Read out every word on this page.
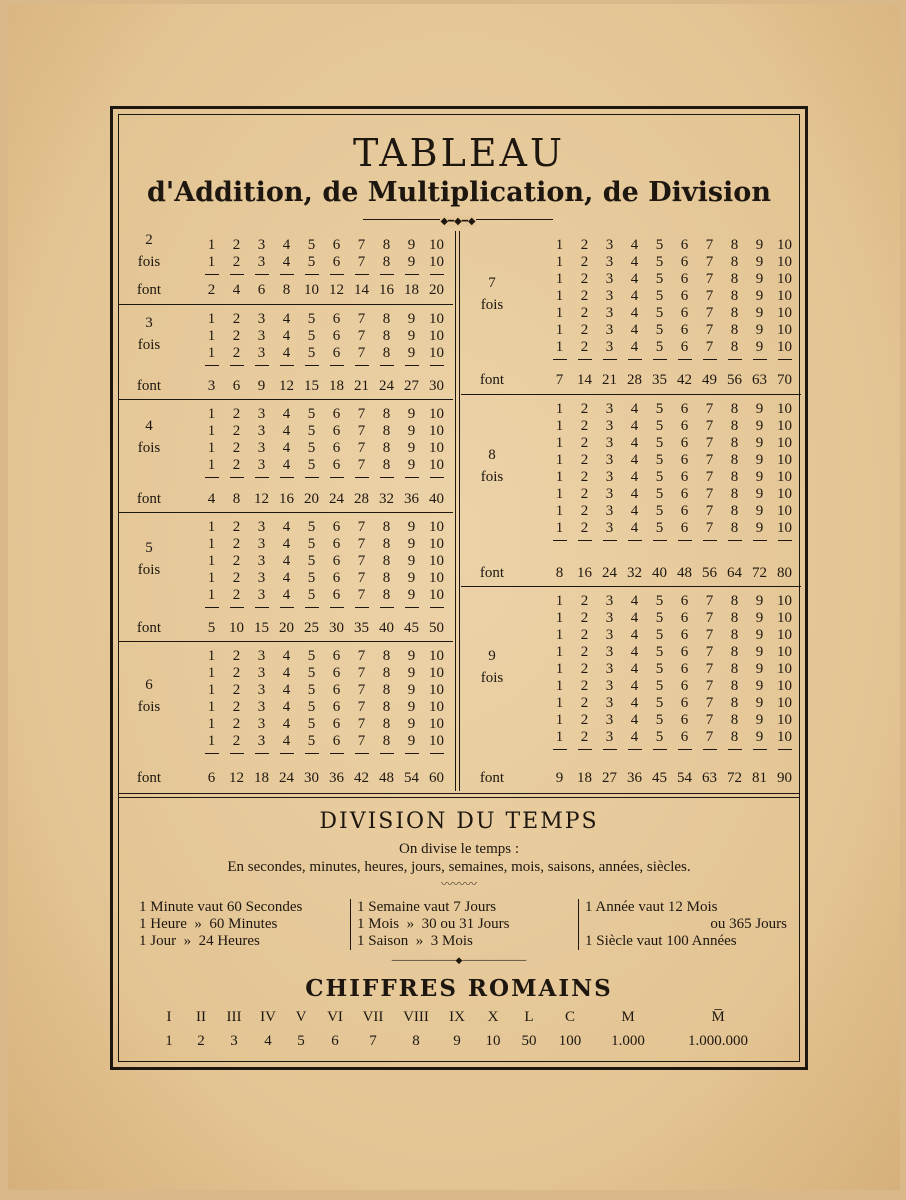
TABLEAU
d'Addition, de Multiplication, de Division
◆━◆━◆
1	2	3	4	5	6	7	8	9 10
1	2	3	4	5	6	7	8	9 10
2
fois
font	2	4	6	8 10 12 14 16 18 20
1	2	3	4	5	6	7	8	9 10
1	2	3	4	5	6	7	8	9 10
1	2	3	4	5	6	7	8	9 10
3
fois
font	3	6	9 12 15 18 21 24 27 30
1	2	3	4	5	6	7	8	9 10
1	2	3	4	5	6	7	8	9 10
1	2	3	4	5	6	7	8	9 10
1	2	3	4	5	6	7	8	9 10
4
fois
font	4	8 12 16 20 24 28 32 36 40
1	2	3	4	5	6	7	8	9 10
1	2	3	4	5	6	7	8	9 10
1	2	3	4	5	6	7	8	9 10
1	2	3	4	5	6	7	8	9 10
1	2	3	4	5	6	7	8	9 10
5
fois
font	5 10 15 20 25 30 35 40 45 50
1	2	3	4	5	6	7	8	9 10
1	2	3	4	5	6	7	8	9 10
1	2	3	4	5	6	7	8	9 10
1	2	3	4	5	6	7	8	9 10
1	2	3	4	5	6	7	8	9 10
1	2	3	4	5	6	7	8	9 10
6
fois
font	6 12 18 24 30 36 42 48 54 60
1	2	3	4	5	6	7	8	9 10
1	2	3	4	5	6	7	8	9 10
1	2	3	4	5	6	7	8	9 10
1	2	3	4	5	6	7	8	9 10
1	2	3	4	5	6	7	8	9 10
1	2	3	4	5	6	7	8	9 10
1	2	3	4	5	6	7	8	9 10
7
fois
font	7 14 21 28 35 42 49 56 63 70
1	2	3	4	5	6	7	8	9 10
1	2	3	4	5	6	7	8	9 10
1	2	3	4	5	6	7	8	9 10
1	2	3	4	5	6	7	8	9 10
1	2	3	4	5	6	7	8	9 10
1	2	3	4	5	6	7	8	9 10
1	2	3	4	5	6	7	8	9 10
1	2	3	4	5	6	7	8	9 10
8
fois
font	8 16 24 32 40 48 56 64 72 80
1	2	3	4	5	6	7	8	9 10
1	2	3	4	5	6	7	8	9 10
1	2	3	4	5	6	7	8	9 10
1	2	3	4	5	6	7	8	9 10
1	2	3	4	5	6	7	8	9 10
1	2	3	4	5	6	7	8	9 10
1	2	3	4	5	6	7	8	9 10
1	2	3	4	5	6	7	8	9 10
1	2	3	4	5	6	7	8	9 10
9
fois
font	9 18 27 36 45 54 63 72 81 90
DIVISION DU TEMPS
On divise le temps :
En secondes, minutes, heures, jours, semaines, mois, saisons, années, siècles.
〰〰〰
1 Minute vaut 60 Secondes
1 Heure  »  60 Minutes
1 Jour  »  24 Heures
1 Semaine vaut 7 Jours
1 Mois  »  30 ou 31 Jours
1 Saison  »  3 Mois
1 Année vaut 12 Mois
ou 365 Jours
1 Siècle vaut 100 Années
──────────◆──────────
CHIFFRES ROMAINS
I	II	III	IV	V	VI	VII	VIII	IX	X	L	C	M	M̅
1	2	3	4	5	6	7	8	9	10	50	100	1.000	1.000.000
